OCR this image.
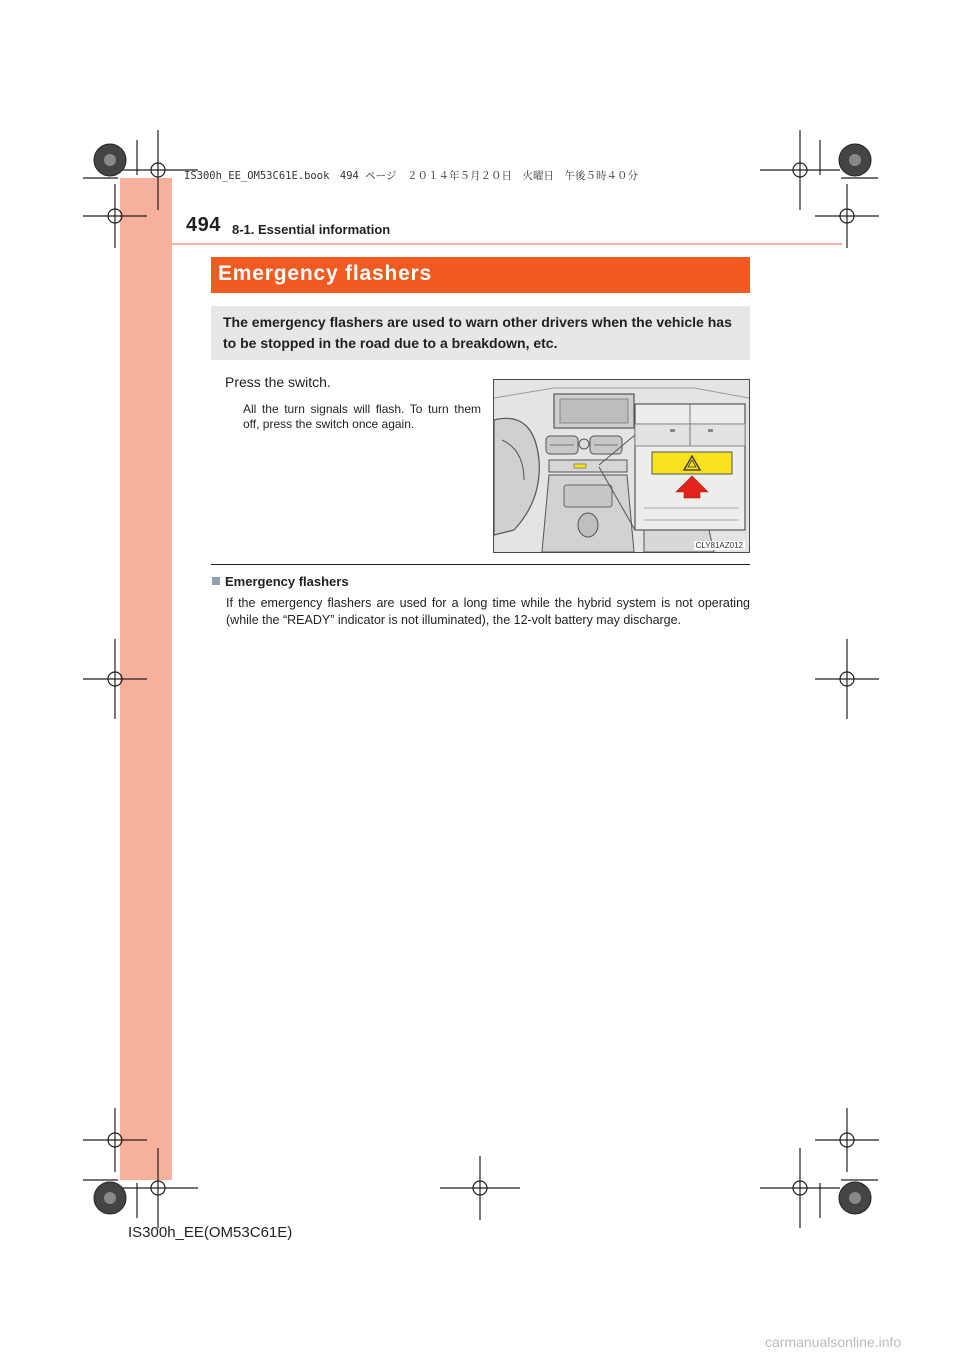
IS300h_EE_OM53C61E.book　494 ページ　２０１４年５月２０日　火曜日　午後５時４０分
494 8-1. Essential information
Emergency flashers
The emergency flashers are used to warn other drivers when the vehicle has to be stopped in the road due to a breakdown, etc.
Press the switch.
All the turn signals will flash. To turn them off, press the switch once again.
CLY81AZ012
Emergency flashers
If the emergency flashers are used for a long time while the hybrid system is not operating (while the “READY” indicator is not illuminated), the 12-volt battery may discharge.
IS300h_EE(OM53C61E)
carmanualsonline.info
